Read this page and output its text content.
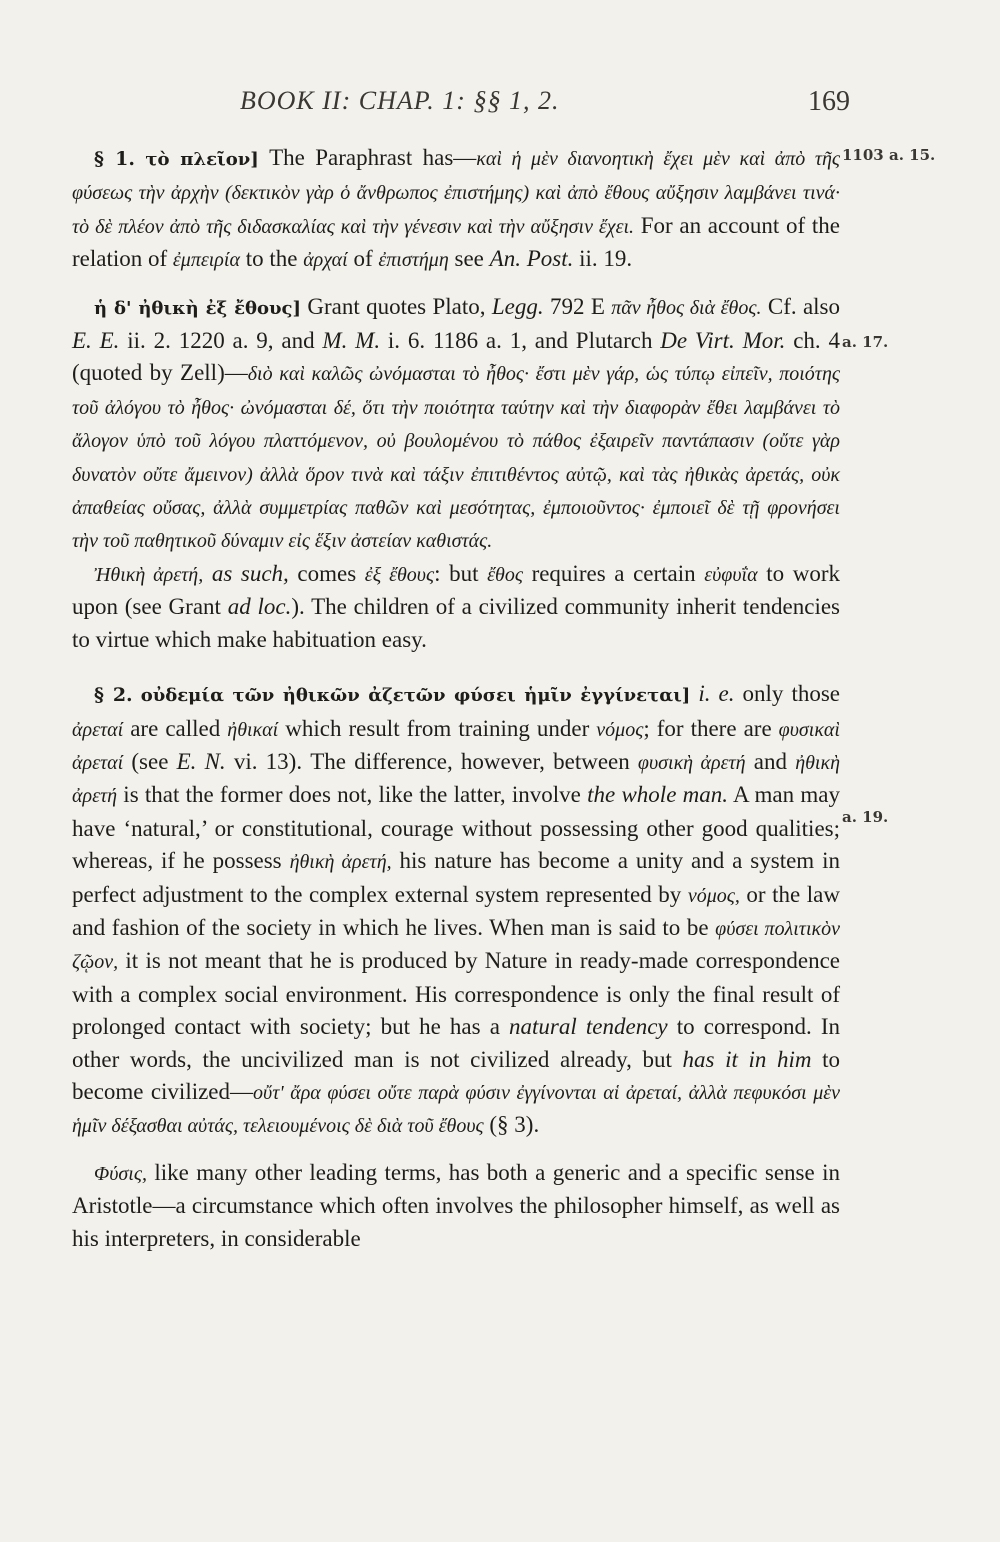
BOOK II: CHAP. 1: §§ 1, 2.	169
1103 a. 15.
a. 17.
a. 19.

§ 1. τὸ πλεῖον] The Paraphrast has—καὶ ἡ μὲν διανοητικὴ ἔχει μὲν καὶ ἀπὸ τῆς φύσεως τὴν ἀρχὴν (δεκτικὸν γὰρ ὁ ἄνθρωπος ἐπιστήμης) καὶ ἀπὸ ἔθους αὔξησιν λαμβάνει τινά· τὸ δὲ πλέον ἀπὸ τῆς διδασκαλίας καὶ τὴν γένεσιν καὶ τὴν αὔξησιν ἔχει. For an account of the relation of ἐμπειρία to the ἀρχαί of ἐπιστήμη see An. Post. ii. 19.

ἡ δ' ἠθικὴ ἐξ ἔθους] Grant quotes Plato, Legg. 792 E πᾶν ἦθος διὰ ἔθος. Cf. also E. E. ii. 2. 1220 a. 9, and M. M. i. 6. 1186 a. 1, and Plutarch De Virt. Mor. ch. 4 (quoted by Zell)—διὸ καὶ καλῶς ὠνόμασται τὸ ἦθος· ἔστι μὲν γάρ, ὡς τύπῳ εἰπεῖν, ποιότης τοῦ ἀλόγου τὸ ἦθος· ὠνόμασται δέ, ὅτι τὴν ποιότητα ταύτην καὶ τὴν διαφορὰν ἔθει λαμβάνει τὸ ἄλογον ὑπὸ τοῦ λόγου πλαττόμενον, οὐ βουλομένου τὸ πάθος ἐξαιρεῖν παντάπασιν (οὔτε γὰρ δυνατὸν οὔτε ἄμεινον) ἀλλὰ ὅρον τινὰ καὶ τάξιν ἐπιτιθέντος αὐτῷ, καὶ τὰς ἠθικὰς ἀρετάς, οὐκ ἀπαθείας οὔσας, ἀλλὰ συμμετρίας παθῶν καὶ μεσότητας, ἐμποιοῦντος· ἐμποιεῖ δὲ τῇ φρονήσει τὴν τοῦ παθητικοῦ δύναμιν εἰς ἕξιν ἀστείαν καθιστάς.

Ἠθικὴ ἀρετή, as such, comes ἐξ ἔθους: but ἔθος requires a certain εὐφυΐα to work upon (see Grant ad loc.). The children of a civilized community inherit tendencies to virtue which make habituation easy.

§ 2. οὐδεμία τῶν ἠθικῶν ἀζετῶν φύσει ἡμῖν ἐγγίνεται] i. e. only those ἀρεταί are called ἠθικαί which result from training under νόμος; for there are φυσικαὶ ἀρεταί (see E. N. vi. 13). The difference, however, between φυσικὴ ἀρετή and ἠθικὴ ἀρετή is that the former does not, like the latter, involve the whole man. A man may have ‘natural,’ or constitutional, courage without possessing other good qualities; whereas, if he possess ἠθικὴ ἀρετή, his nature has become a unity and a system in perfect adjustment to the complex external system represented by νόμος, or the law and fashion of the society in which he lives. When man is said to be φύσει πολιτικὸν ζῷον, it is not meant that he is produced by Nature in ready-made correspondence with a complex social environment. His correspondence is only the final result of prolonged contact with society; but he has a natural tendency to correspond. In other words, the uncivilized man is not civilized already, but has it in him to become civilized—οὔτ' ἄρα φύσει οὔτε παρὰ φύσιν ἐγγίνονται αἱ ἀρεταί, ἀλλὰ πεφυκόσι μὲν ἡμῖν δέξασθαι αὐτάς, τελειουμένοις δὲ διὰ τοῦ ἔθους (§ 3).

Φύσις, like many other leading terms, has both a generic and a specific sense in Aristotle—a circumstance which often involves the philosopher himself, as well as his interpreters, in considerable
